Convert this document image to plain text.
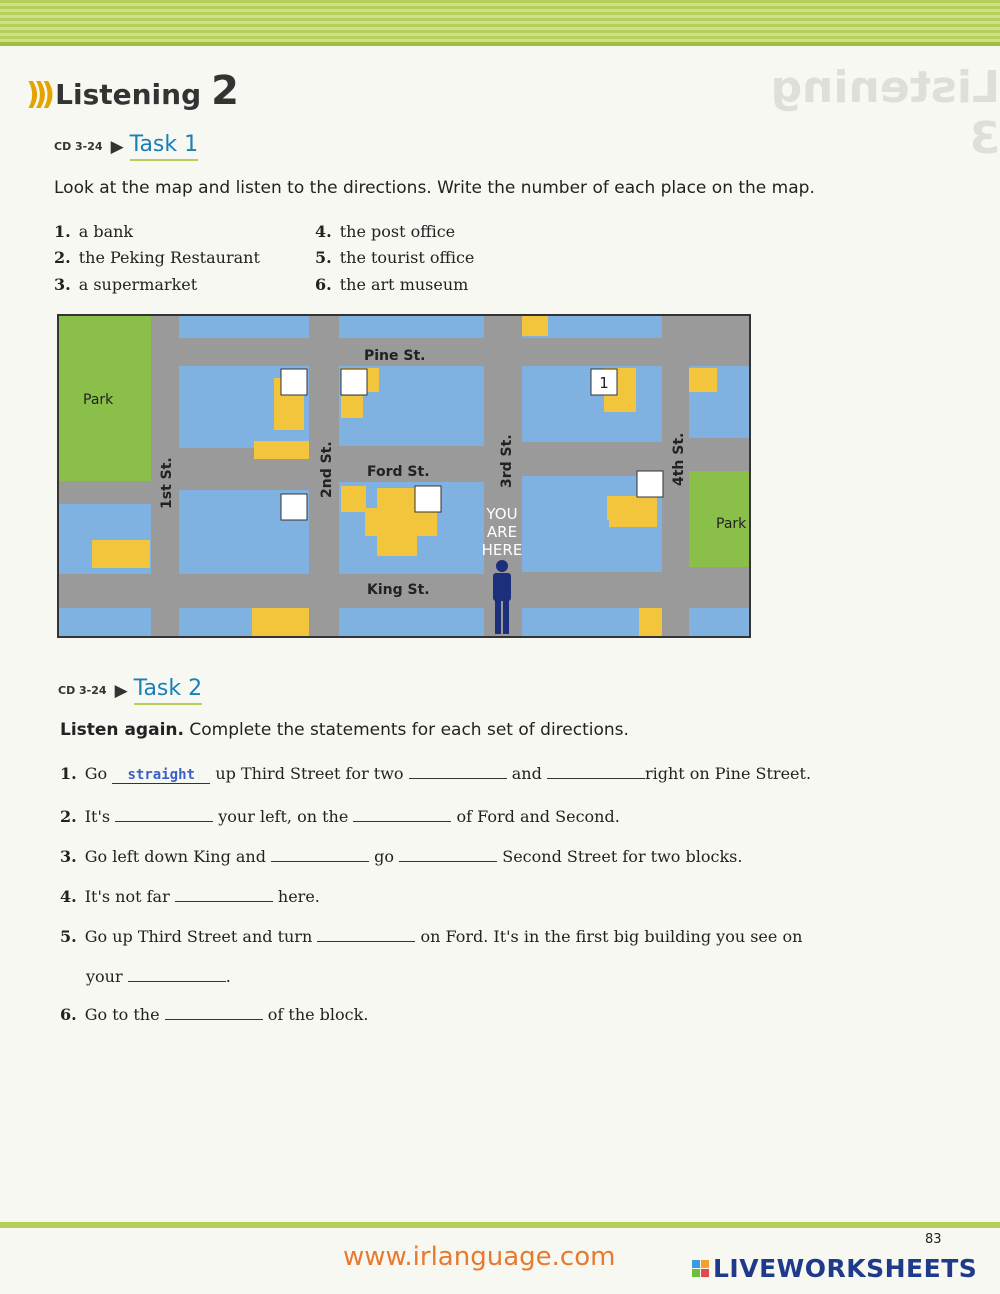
Listening 3
))) Listening 2
CD 3-24 ▶ Task 1
Look at the map and listen to the directions. Write the number of each place on the map.
1. a bank
2. the Peking Restaurant
3. a supermarket
4. the post office
5. the tourist office
6. the art museum
Pine St.
Ford St.
King St.
1st St.	2nd St.	3rd St.	4th St.
Park
Park
YOU
ARE
HERE
1
CD 3-24 ▶ Task 2
Listen again. Complete the statements for each set of directions.
1. Go straight up Third Street for two	and	right on Pine Street.
2. It's	your left, on the	of Ford and Second.
3. Go left down King and	go	Second Street for two blocks.
4. It's not far	here.
5. Go up Third Street and turn	on Ford. It's in the first big building you see on
your	.
6. Go to the	of the block.
83
www.irlanguage.com	LIVEWORKSHEETS
